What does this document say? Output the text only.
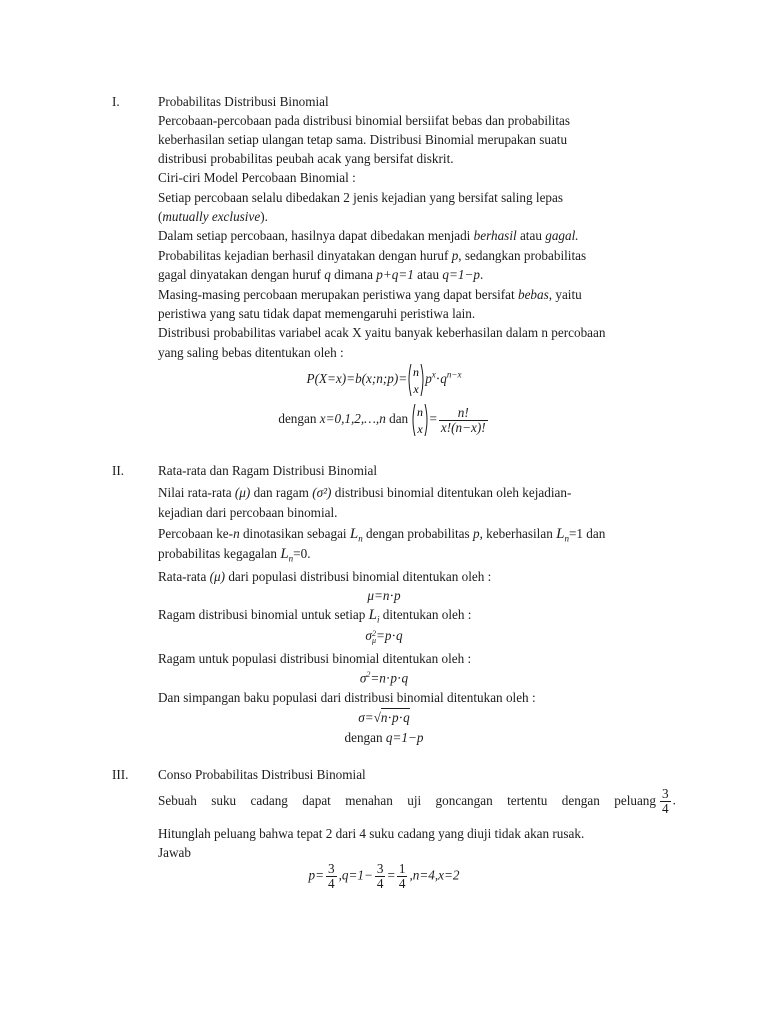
I.	Probabilitas Distribusi Binomial
Percobaan-percobaan pada distribusi binomial bersiifat bebas dan probabilitas
keberhasilan setiap ulangan tetap sama. Distribusi Binomial merupakan suatu
distribusi probabilitas peubah acak yang bersifat diskrit.
Ciri-ciri Model Percobaan Binomial :
Setiap percobaan selalu dibedakan 2 jenis kejadian yang bersifat saling lepas
(mutually exclusive).
Dalam setiap percobaan, hasilnya dapat dibedakan menjadi berhasil atau gagal.
Probabilitas kejadian berhasil dinyatakan dengan huruf p, sedangkan probabilitas
gagal dinyatakan dengan huruf q dimana p+q=1 atau q=1−p.
Masing-masing percobaan merupakan peristiwa yang dapat bersifat bebas, yaitu
peristiwa yang satu tidak dapat memengaruhi peristiwa lain.
Distribusi probabilitas variabel acak X yaitu banyak keberhasilan dalam n percobaan
yang saling bebas ditentukan oleh :
P(X=x)=b(x;n;p)= n
x
$p^x\cdot q^{n-x}$
dengan x=0,1,2,…,n dan n
x
= $\frac{n!}{x!(n-x)!}$
II.	Rata-rata dan Ragam Distribusi Binomial
Nilai rata-rata (μ) dan ragam (σ²) distribusi binomial ditentukan oleh kejadian-
kejadian dari percobaan binomial.
Percobaan ke-n dinotasikan sebagai $L_n$ dengan probabilitas p, keberhasilan $L_n=1$ dan
probabilitas kegagalan $L_n=0$.
Rata-rata (μ) dari populasi distribusi binomial ditentukan oleh :
μ=n⋅p
Ragam distribusi binomial untuk setiap $L_i$ ditentukan oleh :
σ 2
μ =p⋅q
Ragam untuk populasi distribusi binomial ditentukan oleh :
$\sigma^2=n\cdot p\cdot q$
Dan simpangan baku populasi dari distribusi binomial ditentukan oleh :
σ=√n⋅p⋅q
dengan q=1−p
III. Conso Probabilitas Distribusi Binomial
Sebuah suku cadang dapat menahan uji goncangan tertentu dengan peluang $\frac{3}{4}$ .
Hitunglah peluang bahwa tepat 2 dari 4 suku cadang yang diuji tidak akan rusak.
Jawab
$p= \frac{3}{4} ,q=1- \frac{3}{4} = \frac{1}{4} ,n=4,x=2$
